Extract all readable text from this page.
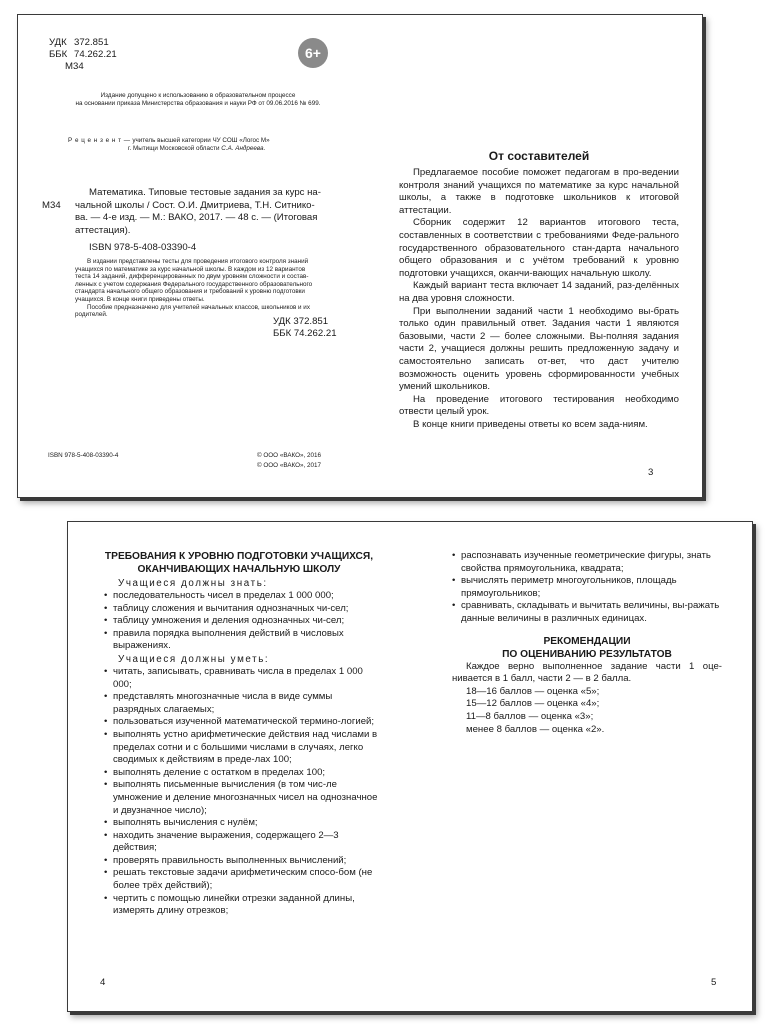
УДК 372.851
ББК 74.262.21
М34
6+
Издание допущено к использованию в образовательном процессе
на основании приказа Министерства образования и науки РФ от 09.06.2016 № 699.
Р е ц е н з е н т — учитель высшей категории ЧУ СОШ «Логос М»
г. Мытищи Московской области С.А. Андреева.
М34
Математика. Типовые тестовые задания за курс на-
чальной школы / Сост. О.И. Дмитриева, Т.Н. Ситнико-
ва. — 4-е изд. — М.: ВАКО, 2017. — 48 с. — (Итоговая
аттестация).
ISBN 978-5-408-03390-4
В издании представлены тесты для проведения итогового контроля знаний
учащихся по математике за курс начальной школы. В каждом из 12 вариантов
теста 14 заданий, дифференцированных по двум уровням сложности и состав-
ленных с учетом содержания Федерального государственного образовательного
стандарта начального общего образования и требований к уровню подготовки
учащихся. В конце книги приведены ответы.
Пособие предназначено для учителей начальных классов, школьников и их
родителей.
УДК 372.851
ББК 74.262.21
ISBN 978-5-408-03390-4	© ООО «ВАКО», 2016
© ООО «ВАКО», 2017
От составителей

Предлагаемое пособие поможет педагогам в про-ведении контроля знаний учащихся по математике за курс начальной школы, а также в подготовке школьников к итоговой аттестации.

Сборник содержит 12 вариантов итогового теста, составленных в соответствии с требованиями Феде-рального государственного образовательного стан-дарта начального общего образования и с учётом требований к уровню подготовки учащихся, оканчи-вающих начальную школу.

Каждый вариант теста включает 14 заданий, раз-делённых на два уровня сложности.

При выполнении заданий части 1 необходимо вы-брать только один правильный ответ. Задания части 1 являются базовыми, части 2 — более сложными. Вы-полняя задания части 2, учащиеся должны решить предложенную задачу и самостоятельно записать от-вет, что даст учителю возможность оценить уровень сформированности учебных умений школьников.

На проведение итогового тестирования необходимо отвести целый урок.

В конце книги приведены ответы ко всем зада-ниям.

3
ТРЕБОВАНИЯ К УРОВНЮ ПОДГОТОВКИ УЧАЩИХСЯ,
ОКАНЧИВАЮЩИХ НАЧАЛЬНУЮ ШКОЛУ
Учащиеся должны знать:
• последовательность чисел в пределах 1 000 000;
• таблицу сложения и вычитания однозначных чи-сел;
• таблицу умножения и деления однозначных чи-сел;
• правила порядка выполнения действий в числовых выражениях.
Учащиеся должны уметь:
• читать, записывать, сравнивать числа в пределах 1 000 000;
• представлять многозначные числа в виде суммы разрядных слагаемых;
• пользоваться изученной математической термино-логией;
• выполнять устно арифметические действия над числами в пределах сотни и с большими числами в случаях, легко сводимых к действиям в преде-лах 100;
• выполнять деление с остатком в пределах 100;
• выполнять письменные вычисления (в том чис-ле умножение и деление многозначных чисел на однозначное и двузначное число);
• выполнять вычисления с нулём;
• находить значение выражения, содержащего 2—3 действия;
• проверять правильность выполненных вычислений;
• решать текстовые задачи арифметическим спосо-бом (не более трёх действий);
• чертить с помощью линейки отрезки заданной длины, измерять длину отрезков;
4
• распознавать изученные геометрические фигуры, знать свойства прямоугольника, квадрата;
• вычислять периметр многоугольников, площадь прямоугольников;
• сравнивать, складывать и вычитать величины, вы-ражать данные величины в различных единицах.
РЕКОМЕНДАЦИИ
ПО ОЦЕНИВАНИЮ РЕЗУЛЬТАТОВ

Каждое верно выполненное задание части 1 оце-нивается в 1 балл, части 2 — в 2 балла.

18—16 баллов — оценка «5»;
15—12 баллов — оценка «4»;
11—8 баллов — оценка «3»;
менее 8 баллов — оценка «2».
5
